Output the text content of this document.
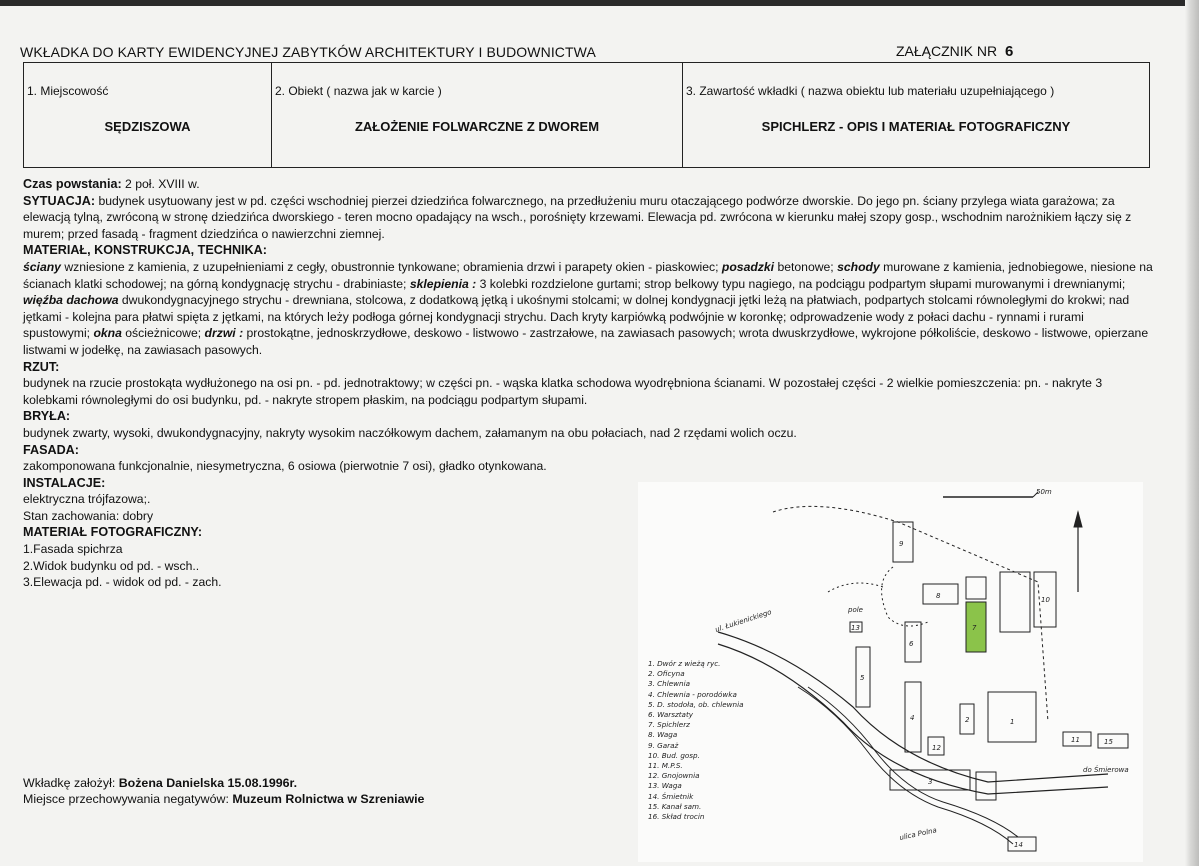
WKŁADKA DO KARTY EWIDENCYJNEJ ZABYTKÓW ARCHITEKTURY I BUDOWNICTWA	ZAŁĄCZNIK NR 6
1. Miejscowość
SĘDZISZOWA

2. Obiekt ( nazwa jak w karcie )
ZAŁOŻENIE FOLWARCZNE Z DWOREM

3. Zawartość wkładki ( nazwa obiektu lub materiału uzupełniającego )
SPICHLERZ - OPIS I MATERIAŁ FOTOGRAFICZNY

Czas powstania: 2 poł. XVIII w.

SYTUACJA: budynek usytuowany jest w pd. części wschodniej pierzei dziedzińca folwarcznego, na przedłużeniu muru otaczającego podwórze dworskie. Do jego pn. ściany przylega wiata garażowa; za elewacją tylną, zwróconą w stronę dziedzińca dworskiego - teren mocno opadający na wsch., porośnięty krzewami. Elewacja pd. zwrócona w kierunku małej szopy gosp., wschodnim narożnikiem łączy się z murem; przed fasadą - fragment dziedzińca o nawierzchni ziemnej.

MATERIAŁ, KONSTRUKCJA, TECHNIKA:

ściany wzniesione z kamienia, z uzupełnieniami z cegły, obustronnie tynkowane; obramienia drzwi i parapety okien - piaskowiec; posadzki betonowe; schody murowane z kamienia, jednobiegowe, niesione na ścianach klatki schodowej; na górną kondygnację strychu - drabiniaste; sklepienia : 3 kolebki rozdzielone gurtami; strop belkowy typu nagiego, na podciągu podpartym słupami murowanymi i drewnianymi; więźba dachowa dwukondygnacyjnego strychu - drewniana, stolcowa, z dodatkową jętką i ukośnymi stolcami; w dolnej kondygnacji jętki leżą na płatwiach, podpartych stolcami równoległymi do krokwi; nad jętkami - kolejna para płatwi spięta z jętkami, na których leży podłoga górnej kondygnacji strychu. Dach kryty karpiówką podwójnie w koronkę; odprowadzenie wody z połaci dachu - rynnami i rurami spustowymi; okna ościeżnicowe; drzwi : prostokątne, jednoskrzydłowe, deskowo - listwowo - zastrzałowe, na zawiasach pasowych; wrota dwuskrzydłowe, wykrojone półkoliście, deskowo - listwowe, opierzane listwami w jodełkę, na zawiasach pasowych.

RZUT:

budynek na rzucie prostokąta wydłużonego na osi pn. - pd. jednotraktowy; w części pn. - wąska klatka schodowa wyodrębniona ścianami. W pozostałej części - 2 wielkie pomieszczenia: pn. - nakryte 3 kolebkami równoległymi do osi budynku, pd. - nakryte stropem płaskim, na podciągu podpartym słupami.

BRYŁA:

budynek zwarty, wysoki, dwukondygnacyjny, nakryty wysokim naczółkowym dachem, załamanym na obu połaciach, nad 2 rzędami wolich oczu.

FASADA:

zakomponowana funkcjonalnie, niesymetryczna, 6 osiowa (pierwotnie 7 osi), gładko otynkowana.

INSTALACJE:

elektryczna trójfazowa;.

Stan zachowania: dobry

MATERIAŁ FOTOGRAFICZNY:

1.Fasada spichrza

2.Widok budynku od pd. - wsch..

3.Elewacja pd. - widok od pd. - zach.

Wkładkę założył: Bożena Danielska 15.08.1996r.
Miejsce przechowywania negatywów: Muzeum Rolnictwa w Szreniawie
50m
ul. Łukienickiego
ulica Polna
do Śmierowa
pole
1
2
3
4
5
6
7
8
9
10
11
12
13
14
15
1. Dwór z wieżą ryc.
2. Oficyna
3. Chlewnia
4. Chlewnia - porodówka
5. D. stodoła, ob. chlewnia
6. Warsztaty
7. Spichlerz
8. Waga
9. Garaż
10. Bud. gosp.
11. M.P.S.
12. Gnojownia
13. Waga
14. Śmietnik
15. Kanał sam.
16. Skład trocin
